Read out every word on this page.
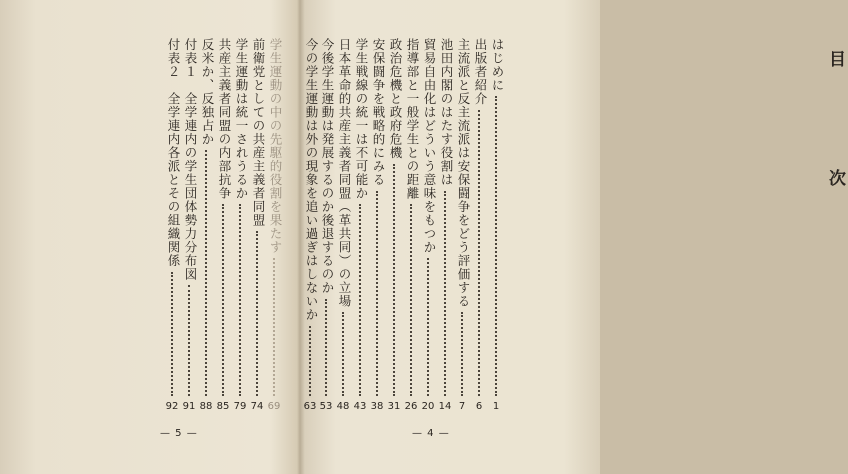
目 次
はじめに
1
出版者紹介
6
主流派と反主流派は安保闘争をどう評価する
7
池田内閣のはたす役割は
14
貿易自由化はどういう意味をもつか
20
指導部と一般学生との距離
26
政治危機と政府危機
31
安保闘争を戦略的にみる
38
学生戦線の統一は不可能か
43
日本革命的共産主義者同盟（革共同）の立場
48
今後学生運動は発展するのか後退するのか
53
今の学生運動は外の現象を追い過ぎはしないか
63
— 4 —
学生運動の中の先駆的役割を果たす
69
前衛党としての共産主義者同盟
74
学生運動は統一されうるか
79
共産主義者同盟の内部抗争
85
反米か、反独占か
88
付表１　全学連内の学生団体勢力分布図
91
付表２　全学連内各派とその組織関係
92
— 5 —
